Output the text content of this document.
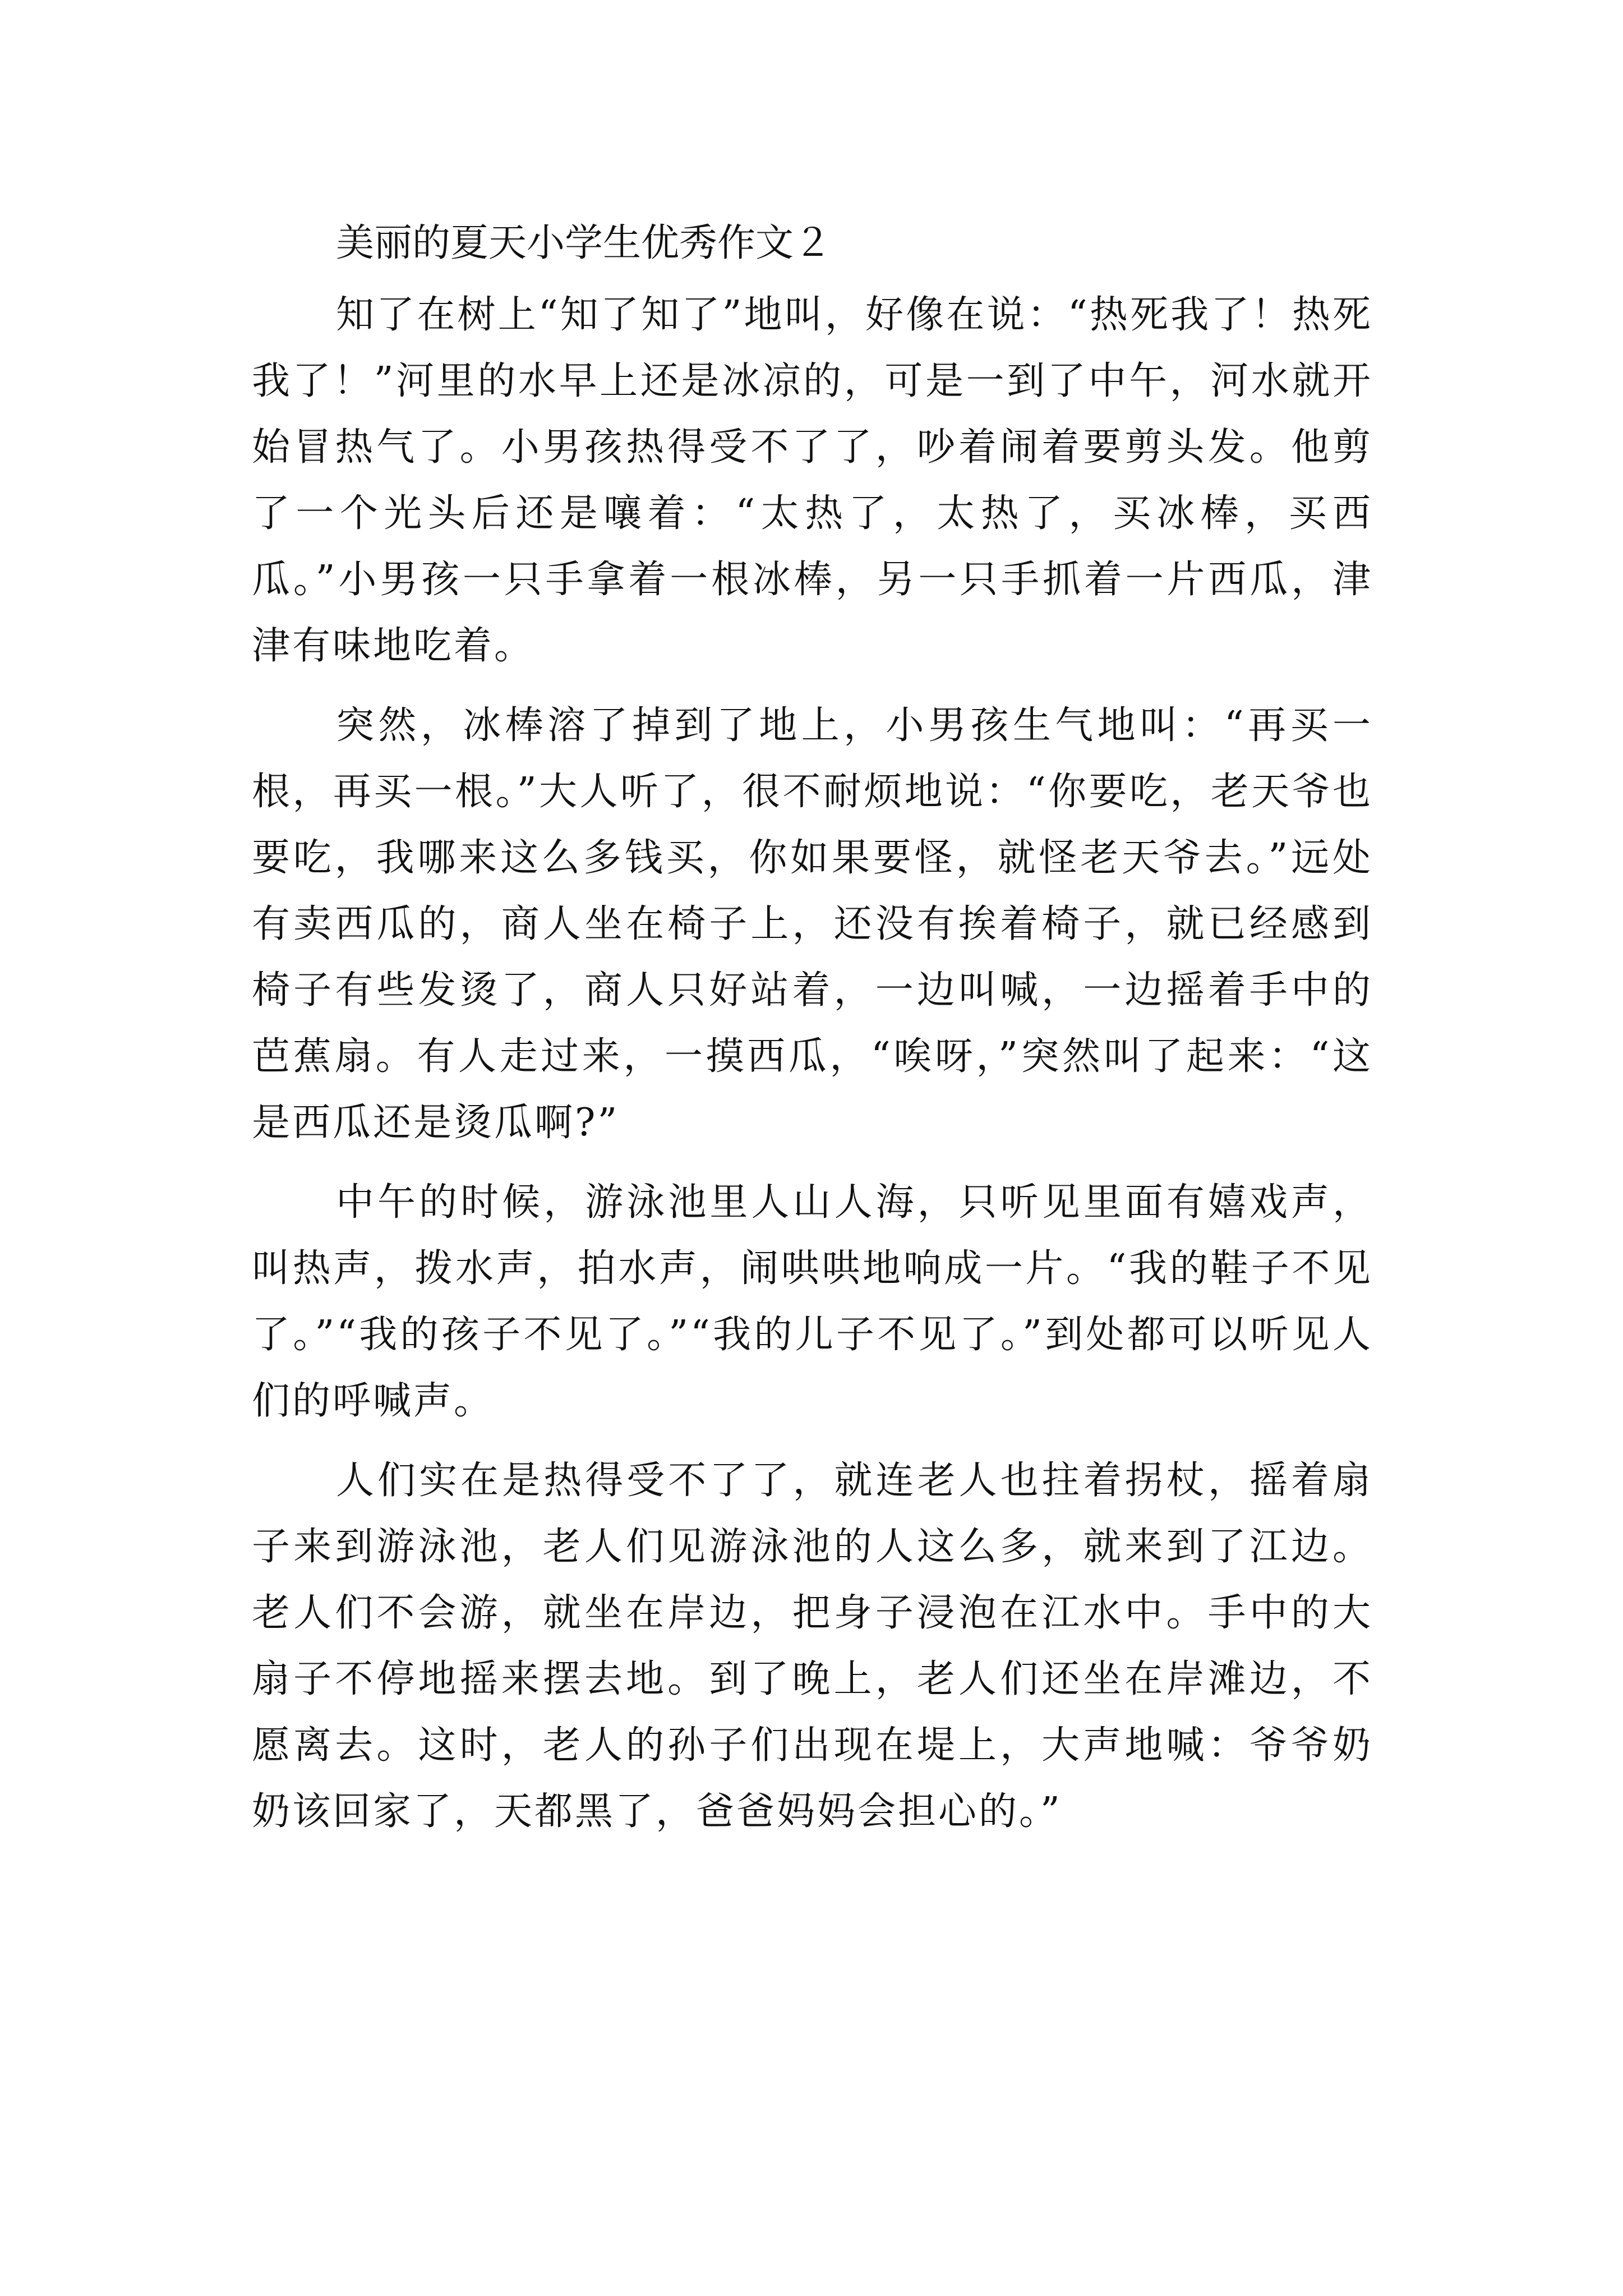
美丽的夏天小学生优秀作文２

知了在树上“知了知了”地叫，好像在说：“热死我了！热死我了！”河里的水早上还是冰凉的，可是一到了中午，河水就开始冒热气了。小男孩热得受不了了，吵着闹着要剪头发。他剪了一个光头后还是嚷着：“太热了，太热了，买冰棒，买西瓜。”小男孩一只手拿着一根冰棒，另一只手抓着一片西瓜，津津有味地吃着。

突然，冰棒溶了掉到了地上，小男孩生气地叫：“再买一根，再买一根。”大人听了，很不耐烦地说：“你要吃，老天爷也要吃，我哪来这么多钱买，你如果要怪，就怪老天爷去。”远处有卖西瓜的，商人坐在椅子上，还没有挨着椅子，就已经感到椅子有些发烫了，商人只好站着，一边叫喊，一边摇着手中的芭蕉扇。有人走过来，一摸西瓜，“唉呀，”突然叫了起来：“这是西瓜还是烫瓜啊?”

中午的时候，游泳池里人山人海，只听见里面有嬉戏声，叫热声，拨水声，拍水声，闹哄哄地响成一片。“我的鞋子不见了。”“我的孩子不见了。”“我的儿子不见了。”到处都可以听见人们的呼喊声。

人们实在是热得受不了了，就连老人也拄着拐杖，摇着扇子来到游泳池，老人们见游泳池的人这么多，就来到了江边。老人们不会游，就坐在岸边，把身子浸泡在江水中。手中的大扇子不停地摇来摆去地。到了晚上，老人们还坐在岸滩边，不愿离去。这时，老人的孙子们出现在堤上，大声地喊：爷爷奶奶该回家了，天都黑了，爸爸妈妈会担心的。”
